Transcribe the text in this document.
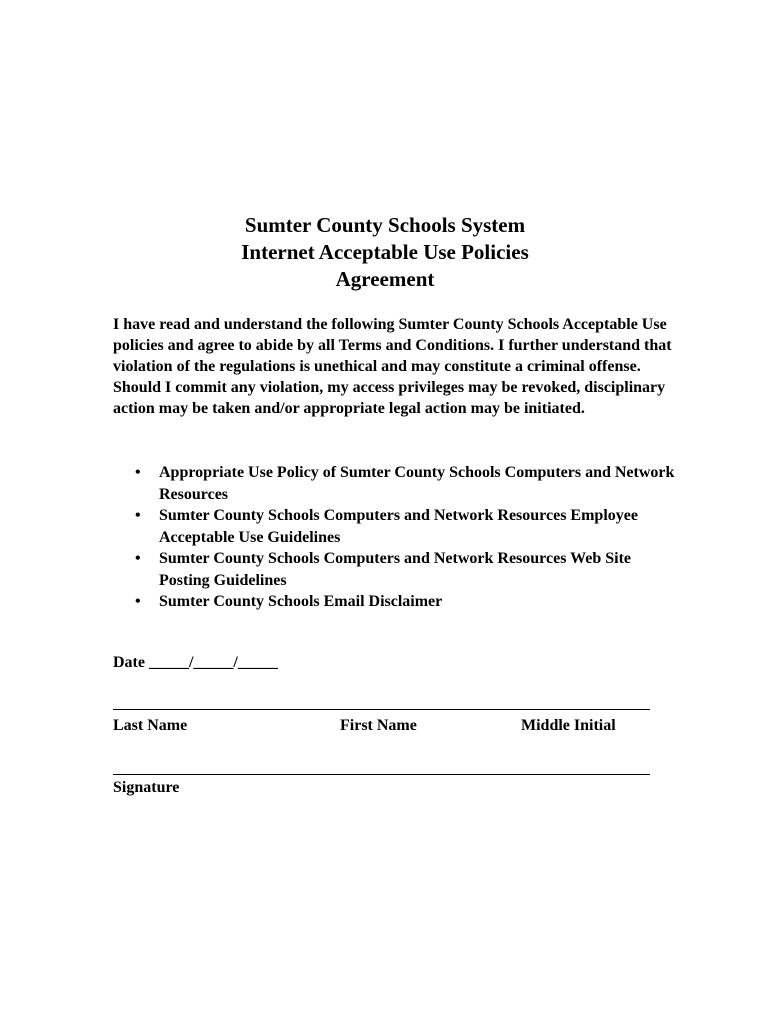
Sumter County Schools System
Internet Acceptable Use Policies
Agreement
I have read and understand the following Sumter County Schools Acceptable Use policies and agree to abide by all Terms and Conditions. I further understand that violation of the regulations is unethical and may constitute a criminal offense. Should I commit any violation, my access privileges may be revoked, disciplinary action may be taken and/or appropriate legal action may be initiated.
•	Appropriate Use Policy of Sumter County Schools Computers and Network Resources
•	Sumter County Schools Computers and Network Resources Employee Acceptable Use Guidelines
•	Sumter County Schools Computers and Network Resources Web Site Posting Guidelines
•	Sumter County Schools Email Disclaimer
Date _____/_____/_____
Last Name	First Name	Middle Initial
Signature
